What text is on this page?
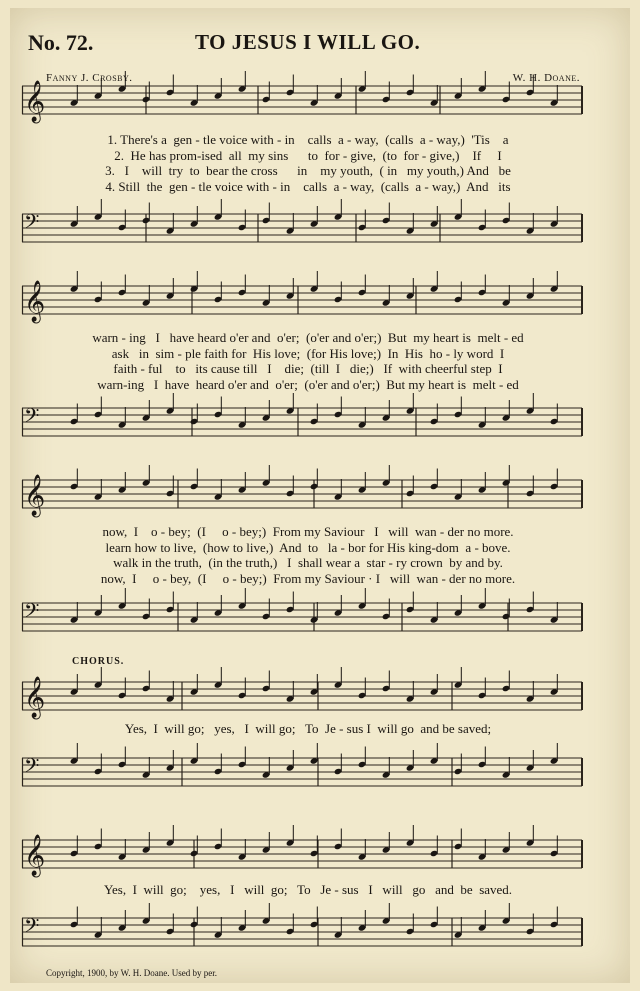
No. 72.	TO JESUS I WILL GO.
Fanny J. Crosby.	W. H. Doane.
𝄞
1. There's a  gen - tle voice with - in    calls  a - way,  (calls  a - way,)  'Tis    a
2.  He has prom-ised  all  my sins      to  for - give,  (to  for - give,)    If     I
3.   I    will  try  to  bear the cross      in    my youth,  ( in   my youth,) And   be
4. Still  the  gen - tle voice with - in    calls  a - way,  (calls  a - way,)  And   its
𝄢
𝄞
warn - ing   I   have heard o'er and  o'er;  (o'er and o'er;)  But  my heart is  melt - ed
ask   in  sim - ple faith for  His love;  (for His love;)  In  His  ho - ly word  I
faith - ful    to   its cause till   I    die;  (till  I   die;)   If  with cheerful step  I
warn-ing   I  have  heard o'er and  o'er;  (o'er and o'er;)  But my heart is  melt - ed
𝄢
𝄞
now,  I    o - bey;  (I     o - bey;)  From my Saviour   I   will  wan - der no more.
learn how to live,  (how to live,)  And  to   la - bor for His king-dom  a - bove.
walk in the truth,  (in the truth,)   I  shall wear a  star - ry crown  by and by.
now,  I     o - bey,  (I     o - bey;)  From my Saviour · I   will  wan - der no more.
𝄢
CHORUS.
𝄞
Yes,  I  will go;   yes,   I  will go;   To  Je - sus I  will go  and be saved;
𝄢
𝄞
Yes,  I  will  go;    yes,   I   will  go;   To   Je - sus   I   will   go   and  be  saved.
𝄢
Copyright, 1900, by W. H. Doane. Used by per.
